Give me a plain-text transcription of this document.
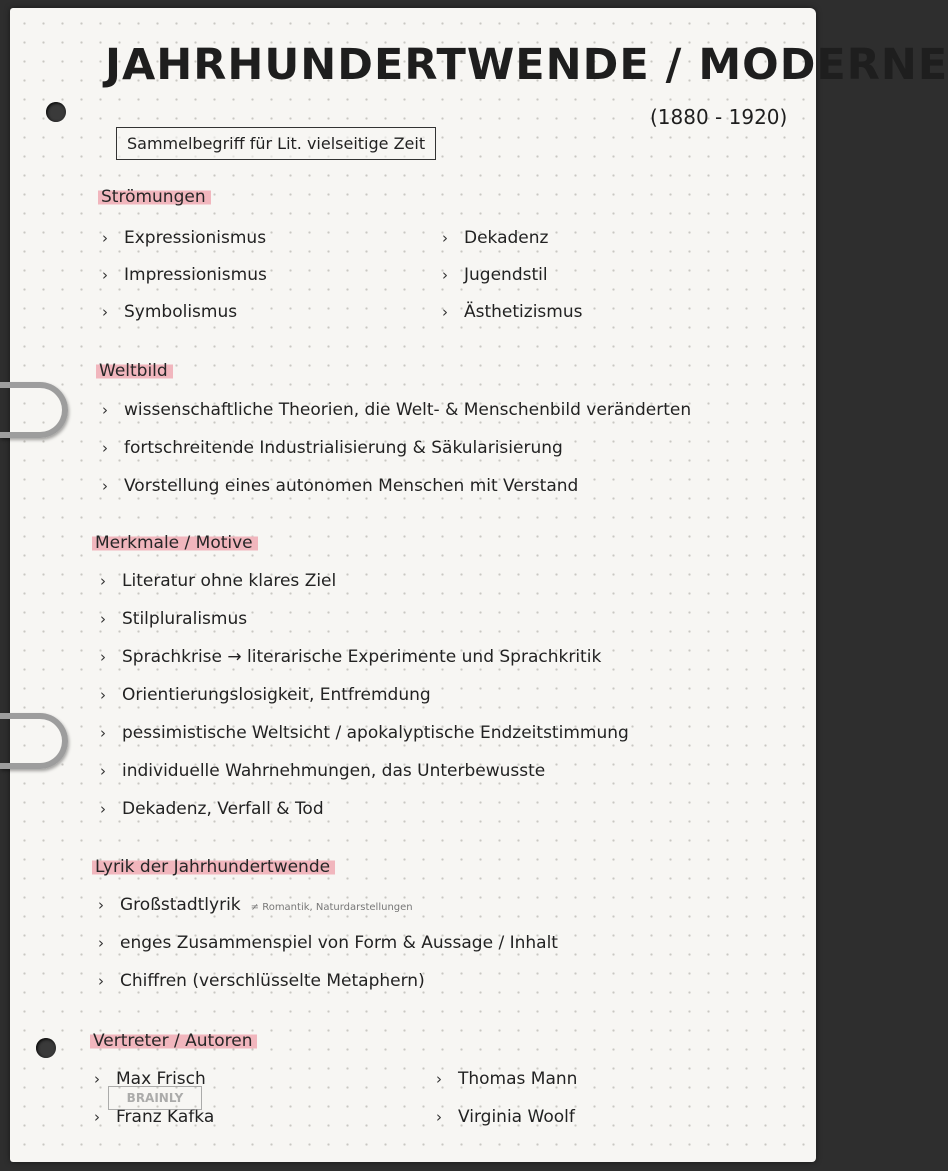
JAHRHUNDERTWENDE / MODERNE
(1880 - 1920)
Sammelbegriff für Lit. vielseitige Zeit
Strömungen
› Expressionismus
› Impressionismus
› Symbolismus
› Dekadenz
› Jugendstil
› Ästhetizismus
Weltbild
› wissenschaftliche Theorien, die Welt- & Menschenbild veränderten
› fortschreitende Industrialisierung & Säkularisierung
› Vorstellung eines autonomen Menschen mit Verstand
Merkmale / Motive
› Literatur ohne klares Ziel
› Stilpluralismus
› Sprachkrise → literarische Experimente und Sprachkritik
› Orientierungslosigkeit, Entfremdung
› pessimistische Weltsicht / apokalyptische Endzeitstimmung
› individuelle Wahrnehmungen, das Unterbewusste
› Dekadenz, Verfall & Tod
Lyrik der Jahrhundertwende
› Großstadtlyrik ≠ Romantik, Naturdarstellungen
› enges Zusammenspiel von Form & Aussage / Inhalt
› Chiffren (verschlüsselte Metaphern)
Vertreter / Autoren
› Max Frisch
› Franz Kafka
› Thomas Mann
› Virginia Woolf
BRAINLY
